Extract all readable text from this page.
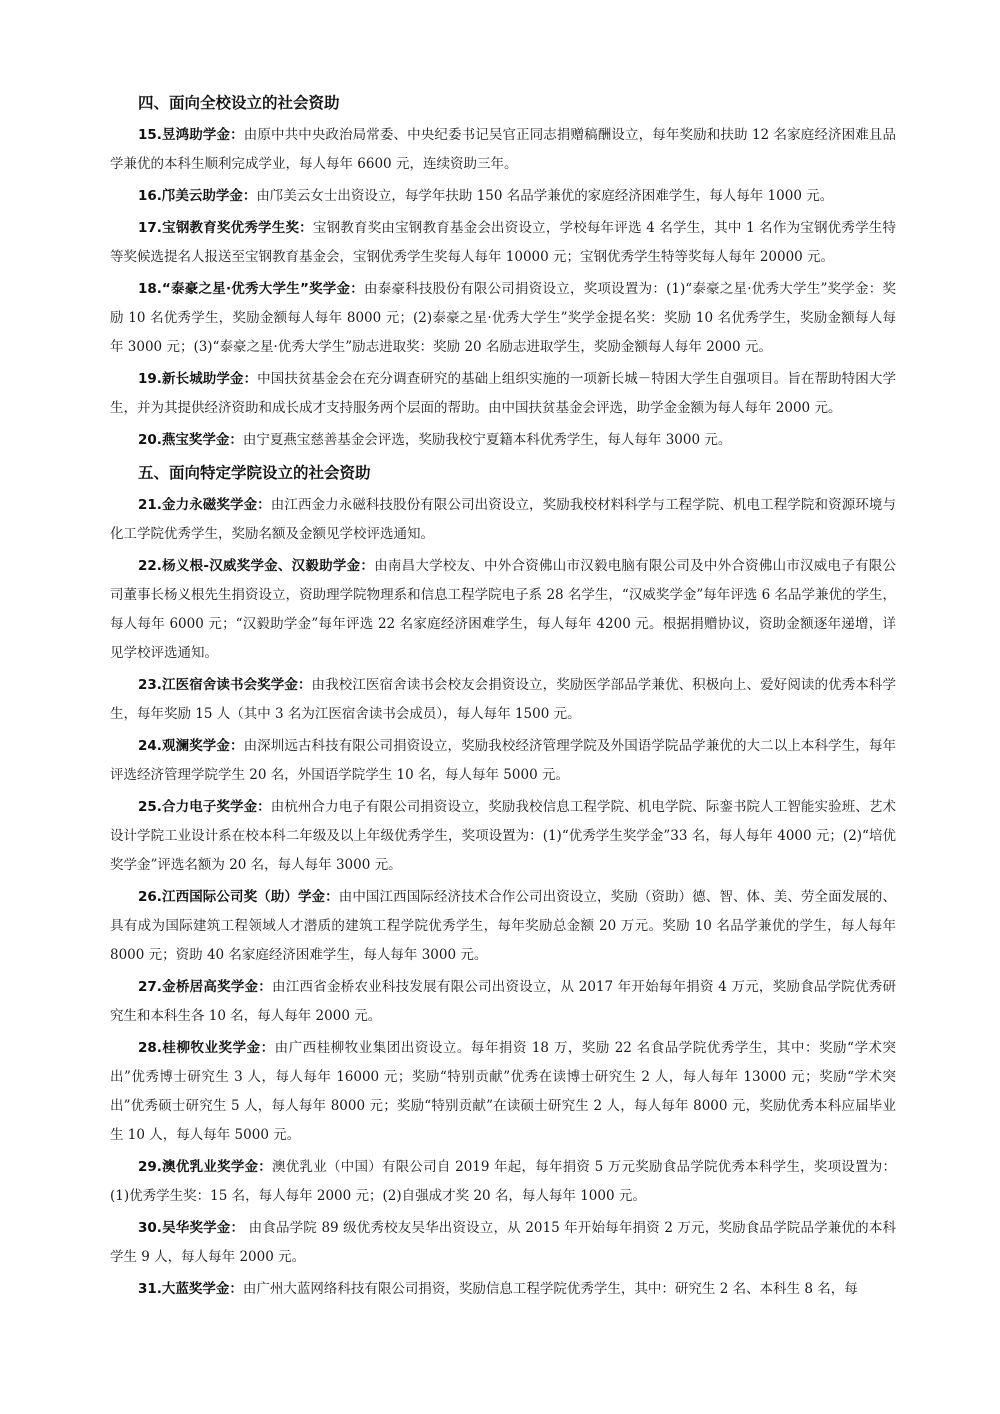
四、面向全校设立的社会资助

15.昱鸿助学金：由原中共中央政治局常委、中央纪委书记吴官正同志捐赠稿酬设立，每年奖励和扶助 12 名家庭经济困难且品学兼优的本科生顺利完成学业，每人每年 6600 元，连续资助三年。

16.邝美云助学金：由邝美云女士出资设立，每学年扶助 150 名品学兼优的家庭经济困难学生，每人每年 1000 元。

17.宝钢教育奖优秀学生奖：宝钢教育奖由宝钢教育基金会出资设立，学校每年评选 4 名学生，其中 1 名作为宝钢优秀学生特等奖候选提名人报送至宝钢教育基金会，宝钢优秀学生奖每人每年 10000 元；宝钢优秀学生特等奖每人每年 20000 元。

18.“泰豪之星·优秀大学生”奖学金：由泰豪科技股份有限公司捐资设立，奖项设置为：(1)“泰豪之星·优秀大学生”奖学金：奖励 10 名优秀学生，奖励金额每人每年 8000 元；(2)泰豪之星·优秀大学生”奖学金提名奖：奖励 10 名优秀学生，奖励金额每人每年 3000 元；(3)“泰豪之星·优秀大学生”励志进取奖：奖励 20 名励志进取学生，奖励金额每人每年 2000 元。

19.新长城助学金：中国扶贫基金会在充分调查研究的基础上组织实施的一项新长城－特困大学生自强项目。旨在帮助特困大学生，并为其提供经济资助和成长成才支持服务两个层面的帮助。由中国扶贫基金会评选，助学金金额为每人每年 2000 元。

20.燕宝奖学金：由宁夏燕宝慈善基金会评选，奖励我校宁夏籍本科优秀学生，每人每年 3000 元。

五、面向特定学院设立的社会资助

21.金力永磁奖学金：由江西金力永磁科技股份有限公司出资设立，奖励我校材料科学与工程学院、机电工程学院和资源环境与化工学院优秀学生，奖励名额及金额见学校评选通知。

22.杨义根-汉威奖学金、汉毅助学金：由南昌大学校友、中外合资佛山市汉毅电脑有限公司及中外合资佛山市汉威电子有限公司董事长杨义根先生捐资设立，资助理学院物理系和信息工程学院电子系 28 名学生，“汉威奖学金”每年评选 6 名品学兼优的学生，每人每年 6000 元；“汉毅助学金”每年评选 22 名家庭经济困难学生，每人每年 4200 元。根据捐赠协议，资助金额逐年递增，详见学校评选通知。

23.江医宿舍读书会奖学金：由我校江医宿舍读书会校友会捐资设立，奖励医学部品学兼优、积极向上、爱好阅读的优秀本科学生，每年奖励 15 人（其中 3 名为江医宿舍读书会成员），每人每年 1500 元。

24.观澜奖学金：由深圳远古科技有限公司捐资设立，奖励我校经济管理学院及外国语学院品学兼优的大二以上本科学生，每年评选经济管理学院学生 20 名，外国语学院学生 10 名，每人每年 5000 元。

25.合力电子奖学金：由杭州合力电子有限公司捐资设立，奖励我校信息工程学院、机电学院、际銮书院人工智能实验班、艺术设计学院工业设计系在校本科二年级及以上年级优秀学生，奖项设置为：(1)“优秀学生奖学金”33 名，每人每年 4000 元；(2)“培优奖学金”评选名额为 20 名，每人每年 3000 元。

26.江西国际公司奖（助）学金：由中国江西国际经济技术合作公司出资设立，奖励（资助）德、智、体、美、劳全面发展的、具有成为国际建筑工程领域人才潜质的建筑工程学院优秀学生，每年奖励总金额 20 万元。奖励 10 名品学兼优的学生，每人每年 8000 元；资助 40 名家庭经济困难学生，每人每年 3000 元。

27.金桥居高奖学金：由江西省金桥农业科技发展有限公司出资设立，从 2017 年开始每年捐资 4 万元，奖励食品学院优秀研究生和本科生各 10 名，每人每年 2000 元。

28.桂柳牧业奖学金：由广西桂柳牧业集团出资设立。每年捐资 18 万，奖励 22 名食品学院优秀学生，其中：奖励“学术突出”优秀博士研究生 3 人，每人每年 16000 元；奖励“特别贡献”优秀在读博士研究生 2 人，每人每年 13000 元；奖励“学术突出”优秀硕士研究生 5 人，每人每年 8000 元；奖励“特别贡献”在读硕士研究生 2 人，每人每年 8000 元，奖励优秀本科应届毕业生 10 人，每人每年 5000 元。

29.澳优乳业奖学金：澳优乳业（中国）有限公司自 2019 年起，每年捐资 5 万元奖励食品学院优秀本科学生，奖项设置为：(1)优秀学生奖：15 名，每人每年 2000 元；(2)自强成才奖 20 名，每人每年 1000 元。

30.吴华奖学金： 由食品学院 89 级优秀校友吴华出资设立，从 2015 年开始每年捐资 2 万元，奖励食品学院品学兼优的本科学生 9 人，每人每年 2000 元。

31.大蓝奖学金：由广州大蓝网络科技有限公司捐资，奖励信息工程学院优秀学生，其中：研究生 2 名、本科生 8 名，每
